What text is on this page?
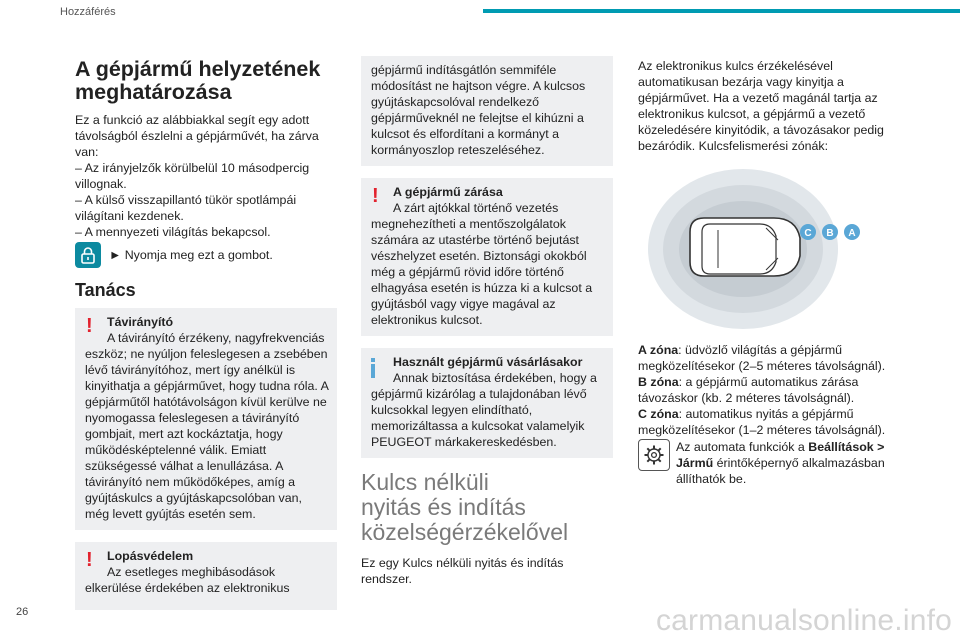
Hozzáférés
A gépjármű helyzetének
meghatározása

Ez a funkció az alábbiakkal segít egy adott távolságból észlelni a gépjárművét, ha zárva van:

– Az irányjelzők körülbelül 10 másodpercig villognak.

– A külső visszapillantó tükör spotlámpái világítani kezdenek.

– A mennyezeti világítás bekapcsol.

► Nyomja meg ezt a gombot.
Tanács
! Távirányító
A távirányító érzékeny, nagyfrekvenciás eszköz; ne nyúljon feleslegesen a zsebében lévő távirányítóhoz, mert így anélkül is kinyithatja a gépjárművet, hogy tudna róla. A gépjárműtől hatótávolságon kívül kerülve ne nyomogassa feleslegesen a távirányító gombjait, mert azt kockáztatja, hogy működésképtelenné válik. Emiatt szükségessé válhat a lenullázása. A távirányító nem működőképes, amíg a gyújtáskulcs a gyújtáskapcsolóban van, még levett gyújtás esetén sem.
! Lopásvédelem
Az esetleges meghibásodások elkerülése érdekében az elektronikus
gépjármű indításgátlón semmiféle módosítást ne hajtson végre. A kulcsos gyújtáskapcsolóval rendelkező gépjárműveknél ne felejtse el kihúzni a kulcsot és elfordítani a kormányt a kormányoszlop reteszeléséhez.
! A gépjármű zárása
A zárt ajtókkal történő vezetés megnehezítheti a mentőszolgálatok számára az utastérbe történő bejutást vészhelyzet esetén. Biztonsági okokból még a gépjármű rövid időre történő elhagyása esetén is húzza ki a kulcsot a gyújtásból vagy vigye magával az elektronikus kulcsot.
Használt gépjármű vásárlásakor
Annak biztosítása érdekében, hogy a gépjármű kizárólag a tulajdonában lévő kulcsokkal legyen elindítható, memorizáltassa a kulcsokat valamelyik PEUGEOT márkakereskedésben.
Kulcs nélküli
nyitás és indítás
közelségérzékelővel

Ez egy Kulcs nélküli nyitás és indítás rendszer.

Az elektronikus kulcs érzékelésével automatikusan bezárja vagy kinyitja a gépjárművet. Ha a vezető magánál tartja az elektronikus kulcsot, a gépjármű a vezető közeledésére kinyitódik, a távozásakor pedig bezáródik. Kulcsfelismerési zónák:

C B A

A zóna: üdvözlő világítás a gépjármű megközelítésekor (2–5 méteres távolságnál).

B zóna: a gépjármű automatikus zárása távozáskor (kb. 2 méteres távolságnál).

C zóna: automatikus nyitás a gépjármű megközelítésekor (1–2 méteres távolságnál).

Az automata funkciók a Beállítások > Jármű érintőképernyő alkalmazásban állíthatók be.
26	carmanualsonline.info
